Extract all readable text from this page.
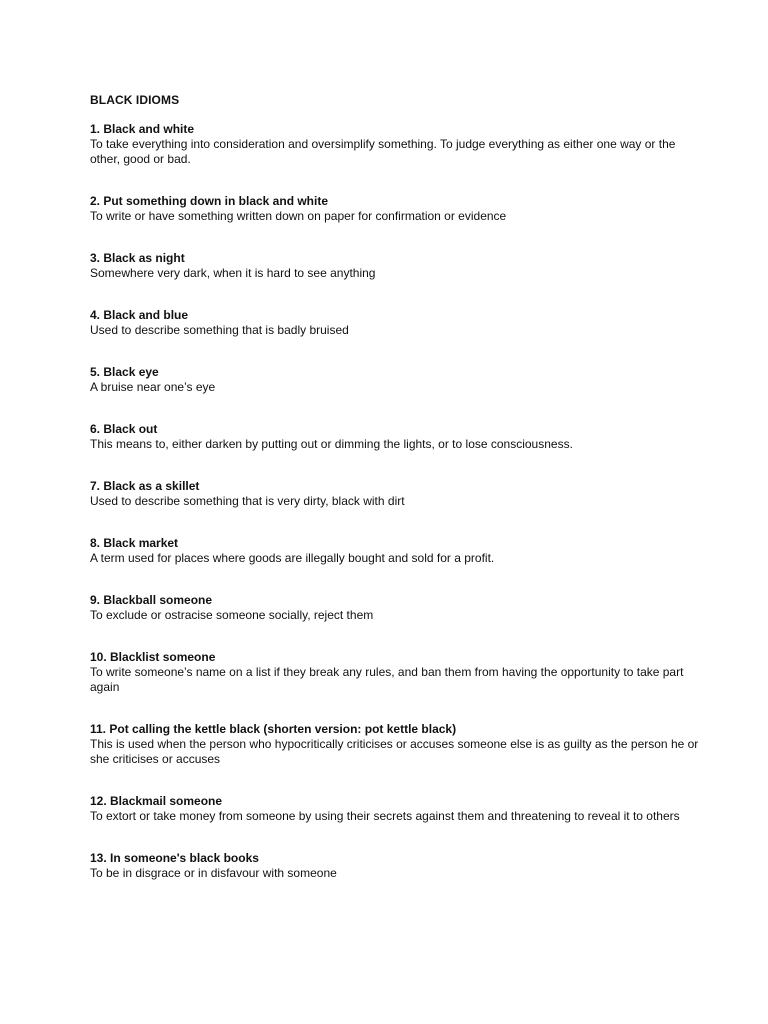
BLACK IDIOMS
1. Black and white
To take everything into consideration and oversimplify something. To judge everything as either one way or the other, good or bad.
2. Put something down in black and white
To write or have something written down on paper for confirmation or evidence
3. Black as night
Somewhere very dark, when it is hard to see anything
4. Black and blue
Used to describe something that is badly bruised
5. Black eye
A bruise near one’s eye
6. Black out
This means to, either darken by putting out or dimming the lights, or to lose consciousness.
7. Black as a skillet
Used to describe something that is very dirty, black with dirt
8. Black market
A term used for places where goods are illegally bought and sold for a profit.
9. Blackball someone
To exclude or ostracise someone socially, reject them
10. Blacklist someone
To write someone’s name on a list if they break any rules, and ban them from having the opportunity to take part again
11. Pot calling the kettle black (shorten version: pot kettle black)
This is used when the person who hypocritically criticises or accuses someone else is as guilty as the person he or she criticises or accuses
12. Blackmail someone
To extort or take money from someone by using their secrets against them and threatening to reveal it to others
13. In someone's black books
To be in disgrace or in disfavour with someone
